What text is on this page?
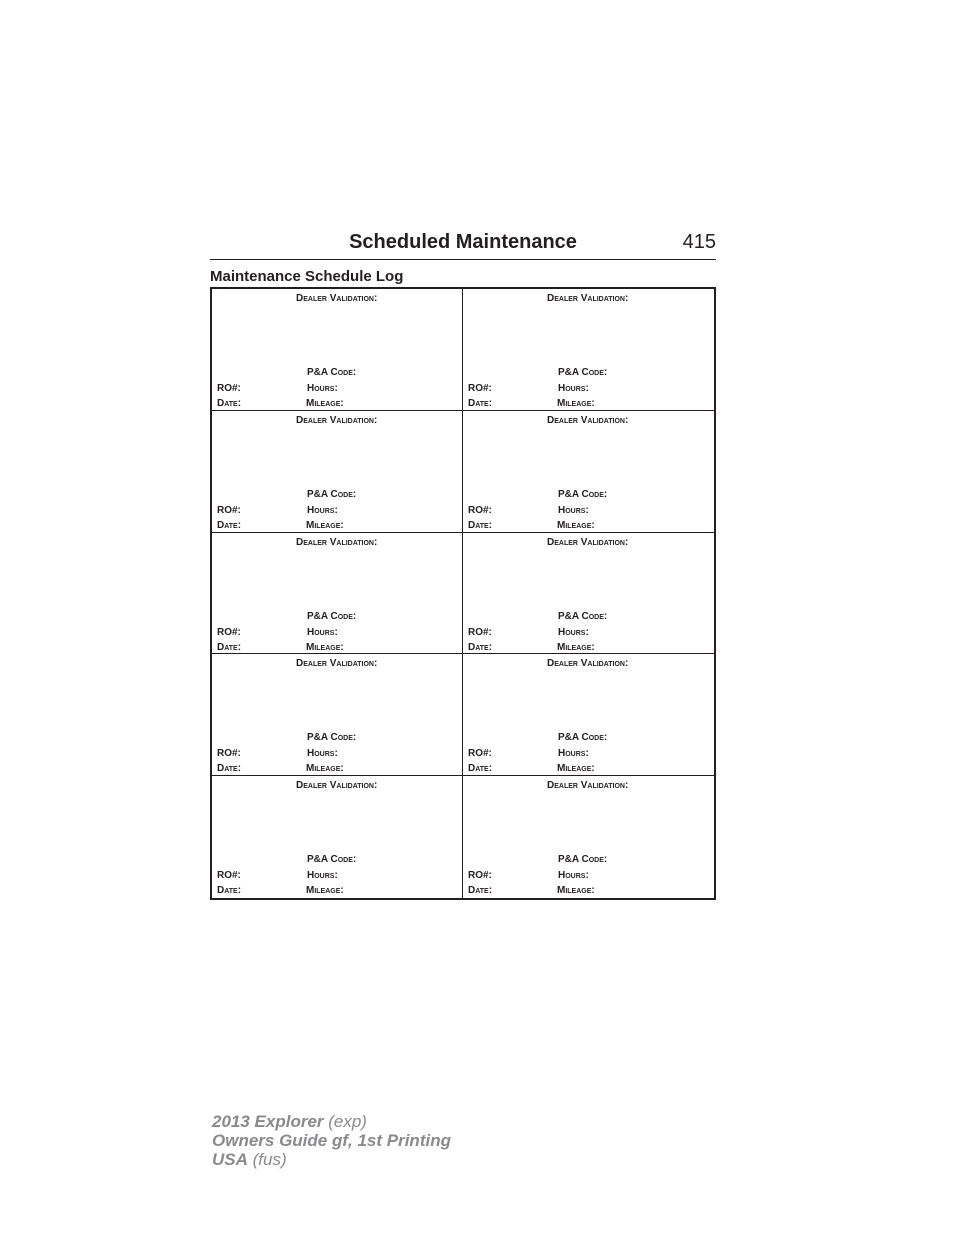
Scheduled Maintenance	415
Maintenance Schedule Log
Dealer Validation:
P&A Code:
RO#:	Hours:
Date:	Mileage:
Dealer Validation:
P&A Code:
RO#:	Hours:
Date:	Mileage:
Dealer Validation:
P&A Code:
RO#:	Hours:
Date:	Mileage:
Dealer Validation:
P&A Code:
RO#:	Hours:
Date:	Mileage:
Dealer Validation:
P&A Code:
RO#:	Hours:
Date:	Mileage:
Dealer Validation:
P&A Code:
RO#:	Hours:
Date:	Mileage:
Dealer Validation:
P&A Code:
RO#:	Hours:
Date:	Mileage:
Dealer Validation:
P&A Code:
RO#:	Hours:
Date:	Mileage:
Dealer Validation:
P&A Code:
RO#:	Hours:
Date:	Mileage:
Dealer Validation:
P&A Code:
RO#:	Hours:
Date:	Mileage:
2013 Explorer (exp)
Owners Guide gf, 1st Printing
USA (fus)
